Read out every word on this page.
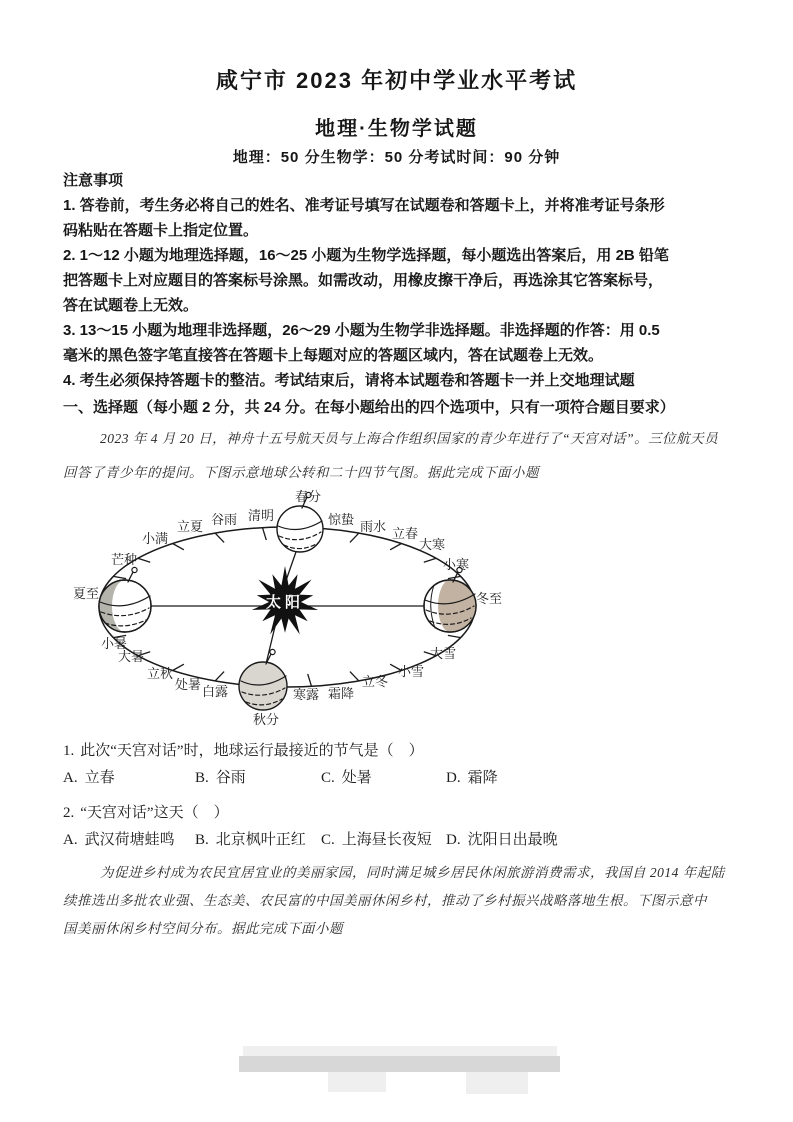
咸宁市 2023 年初中学业水平考试
地理·生物学试题
地理：50 分生物学：50 分考试时间：90 分钟
注意事项
1. 答卷前，考生务必将自己的姓名、准考证号填写在试题卷和答题卡上，并将准考证号条形
码粘贴在答题卡上指定位置。
2. 1～12 小题为地理选择题，16～25 小题为生物学选择题，每小题选出答案后，用 2B 铅笔
把答题卡上对应题目的答案标号涂黑。如需改动，用橡皮擦干净后，再选涂其它答案标号，
答在试题卷上无效。
3. 13～15 小题为地理非选择题，26～29 小题为生物学非选择题。非选择题的作答：用 0.5
毫米的黑色签字笔直接答在答题卡上每题对应的答题区域内，答在试题卷上无效。
4. 考生必须保持答题卡的整洁。考试结束后，请将本试题卷和答题卡一并上交地理试题
一、选择题（每小题 2 分，共 24 分。在每小题给出的四个选项中，只有一项符合题目要求）
2023 年 4 月 20 日，神舟十五号航天员与上海合作组织国家的青少年进行了“天宫对话”。三位航天员
回答了青少年的提问。下图示意地球公转和二十四节气图。据此完成下面小题
太阳
春分
清明
谷雨
立夏
小满
芒种
夏至
小暑
大暑
立秋
处暑 白露
秋分
寒露 霜降
立冬
小雪
大雪
冬至
小寒
大寒
立春
雨水
惊蛰
1. 此次“天宫对话”时，地球运行最接近的节气是（　）
A. 立春	B. 谷雨	C. 处暑	D. 霜降
2. “天宫对话”这天（　）
A. 武汉荷塘蛙鸣 B. 北京枫叶正红 C. 上海昼长夜短 D. 沈阳日出最晚
为促进乡村成为农民宜居宜业的美丽家园，同时满足城乡居民休闲旅游消费需求，我国自 2014 年起陆
续推选出多批农业强、生态美、农民富的中国美丽休闲乡村，推动了乡村振兴战略落地生根。下图示意中
国美丽休闲乡村空间分布。据此完成下面小题
